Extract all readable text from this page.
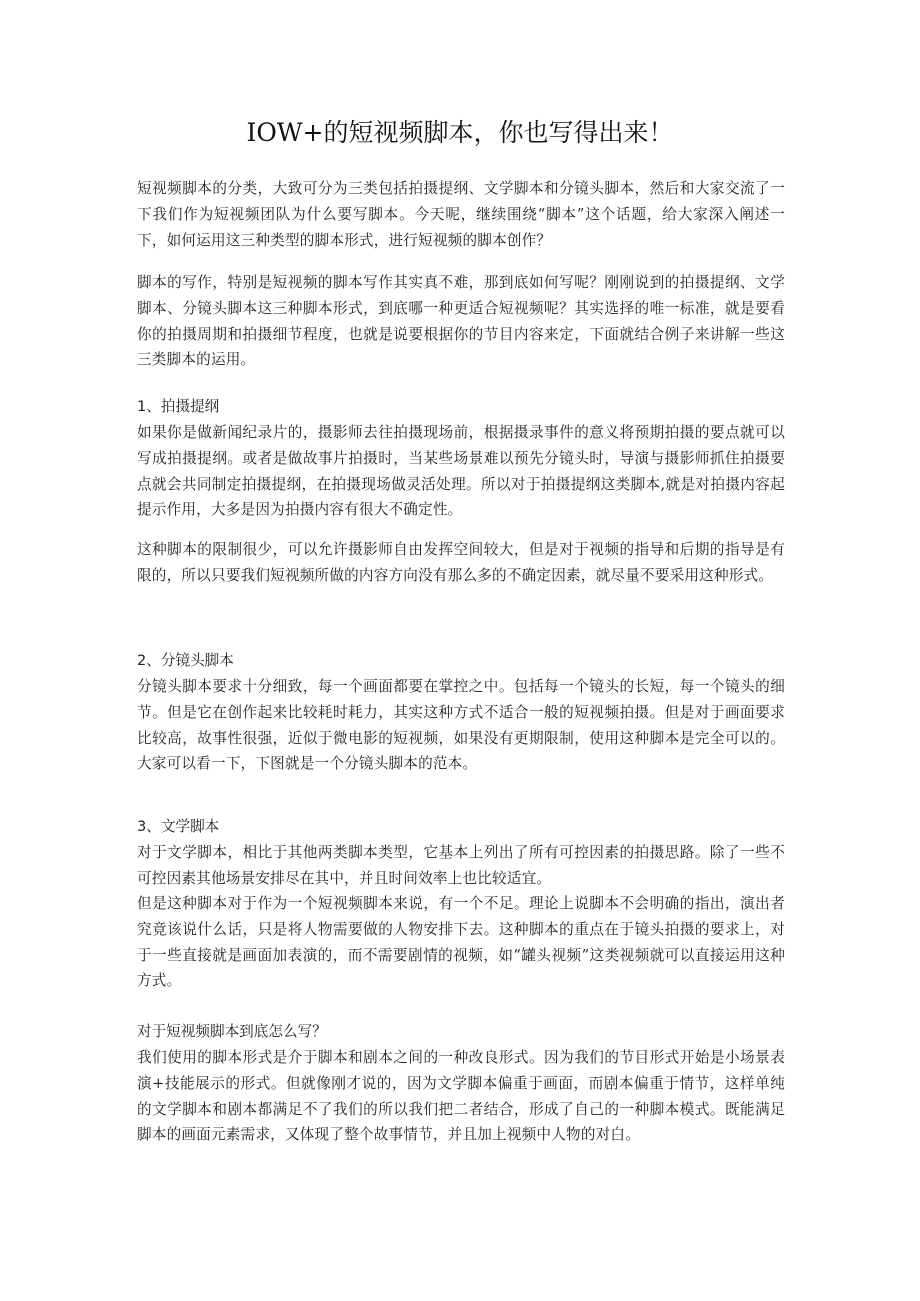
IOW+的短视频脚本，你也写得出来！

短视频脚本的分类，大致可分为三类包括拍摄提纲、文学脚本和分镜头脚本，然后和大家交流了一下我们作为短视频团队为什么要写脚本。今天呢，继续围绕“脚本”这个话题，给大家深入阐述一下，如何运用这三种类型的脚本形式，进行短视频的脚本创作？

脚本的写作，特别是短视频的脚本写作其实真不难，那到底如何写呢？刚刚说到的拍摄提纲、文学脚本、分镜头脚本这三种脚本形式，到底哪一种更适合短视频呢？其实选择的唯一标准，就是要看你的拍摄周期和拍摄细节程度，也就是说要根据你的节目内容来定，下面就结合例子来讲解一些这三类脚本的运用。

1、拍摄提纲

如果你是做新闻纪录片的，摄影师去往拍摄现场前，根据摄录事件的意义将预期拍摄的要点就可以写成拍摄提纲。或者是做故事片拍摄时，当某些场景难以预先分镜头时，导演与摄影师抓住拍摄要点就会共同制定拍摄提纲，在拍摄现场做灵活处理。所以对于拍摄提纲这类脚本,就是对拍摄内容起提示作用，大多是因为拍摄内容有很大不确定性。

这种脚本的限制很少，可以允许摄影师自由发挥空间较大，但是对于视频的指导和后期的指导是有限的，所以只要我们短视频所做的内容方向没有那么多的不确定因素，就尽量不要采用这种形式。

2、分镜头脚本

分镜头脚本要求十分细致，每一个画面都要在掌控之中。包括每一个镜头的长短，每一个镜头的细节。但是它在创作起来比较耗时耗力，其实这种方式不适合一般的短视频拍摄。但是对于画面要求比较高，故事性很强，近似于微电影的短视频，如果没有更期限制，使用这种脚本是完全可以的。大家可以看一下，下图就是一个分镜头脚本的范本。

3、文学脚本

对于文学脚本，相比于其他两类脚本类型，它基本上列出了所有可控因素的拍摄思路。除了一些不可控因素其他场景安排尽在其中，并且时间效率上也比较适宜。

但是这种脚本对于作为一个短视频脚本来说，有一个不足。理论上说脚本不会明确的指出，演出者究竟该说什么话，只是将人物需要做的人物安排下去。这种脚本的重点在于镜头拍摄的要求上，对于一些直接就是画面加表演的，而不需要剧情的视频，如“罐头视频”这类视频就可以直接运用这种方式。

对于短视频脚本到底怎么写？

我们使用的脚本形式是介于脚本和剧本之间的一种改良形式。因为我们的节目形式开始是小场景表演+技能展示的形式。但就像刚才说的，因为文学脚本偏重于画面，而剧本偏重于情节，这样单纯的文学脚本和剧本都满足不了我们的所以我们把二者结合，形成了自己的一种脚本模式。既能满足脚本的画面元素需求，又体现了整个故事情节，并且加上视频中人物的对白。
